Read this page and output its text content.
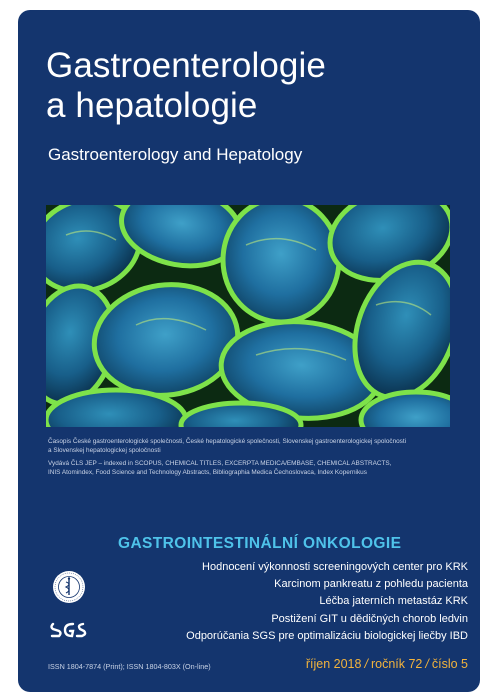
Gastroenterologie
a hepatologie
Gastroenterology and Hepatology
Časopis České gastroenterologické společnosti, České hepatologické společnosti, Slovenskej gastroenterologickej spoločnosti
a Slovenskej hepatologickej spoločnosti
Vydává ČLS JEP – indexed in SCOPUS, CHEMICAL TITLES, EXCERPTA MEDICA/EMBASE, CHEMICAL ABSTRACTS,
INIS Atomindex, Food Science and Technology Abstracts, Bibliographia Medica Čechoslovaca, Index Kopernikus
GASTROINTESTINÁLNÍ ONKOLOGIE
Hodnocení výkonnosti screeningových center pro KRK
Karcinom pankreatu z pohledu pacienta
Léčba jaterních metastáz KRK
Postižení GIT u dědičných chorob ledvin
Odporúčania SGS pre optimalizáciu biologickej liečby IBD
ISSN 1804-7874 (Print); ISSN 1804-803X (On-line)	říjen 2018 / ročník 72 / číslo 5
